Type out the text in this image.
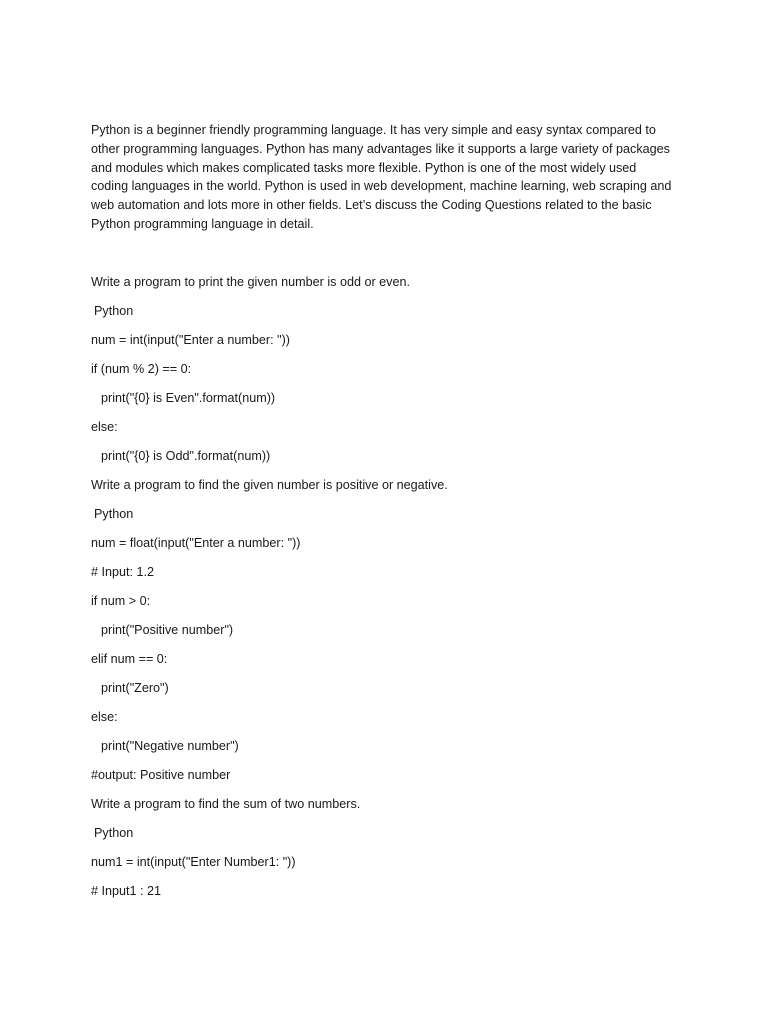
Python is a beginner friendly programming language. It has very simple and easy syntax compared to
other programming languages. Python has many advantages like it supports a large variety of packages
and modules which makes complicated tasks more flexible. Python is one of the most widely used
coding languages in the world. Python is used in web development, machine learning, web scraping and
web automation and lots more in other fields. Let’s discuss the Coding Questions related to the basic
Python programming language in detail.

Write a program to print the given number is odd or even.
Python
num = int(input("Enter a number: "))
if (num % 2) == 0:
print("{0} is Even".format(num))
else:
print("{0} is Odd".format(num))
Write a program to find the given number is positive or negative.
Python
num = float(input("Enter a number: "))
# Input: 1.2
if num > 0:
print("Positive number")
elif num == 0:
print("Zero")
else:
print("Negative number")
#output: Positive number
Write a program to find the sum of two numbers.
Python
num1 = int(input("Enter Number1: "))
# Input1 : 21
